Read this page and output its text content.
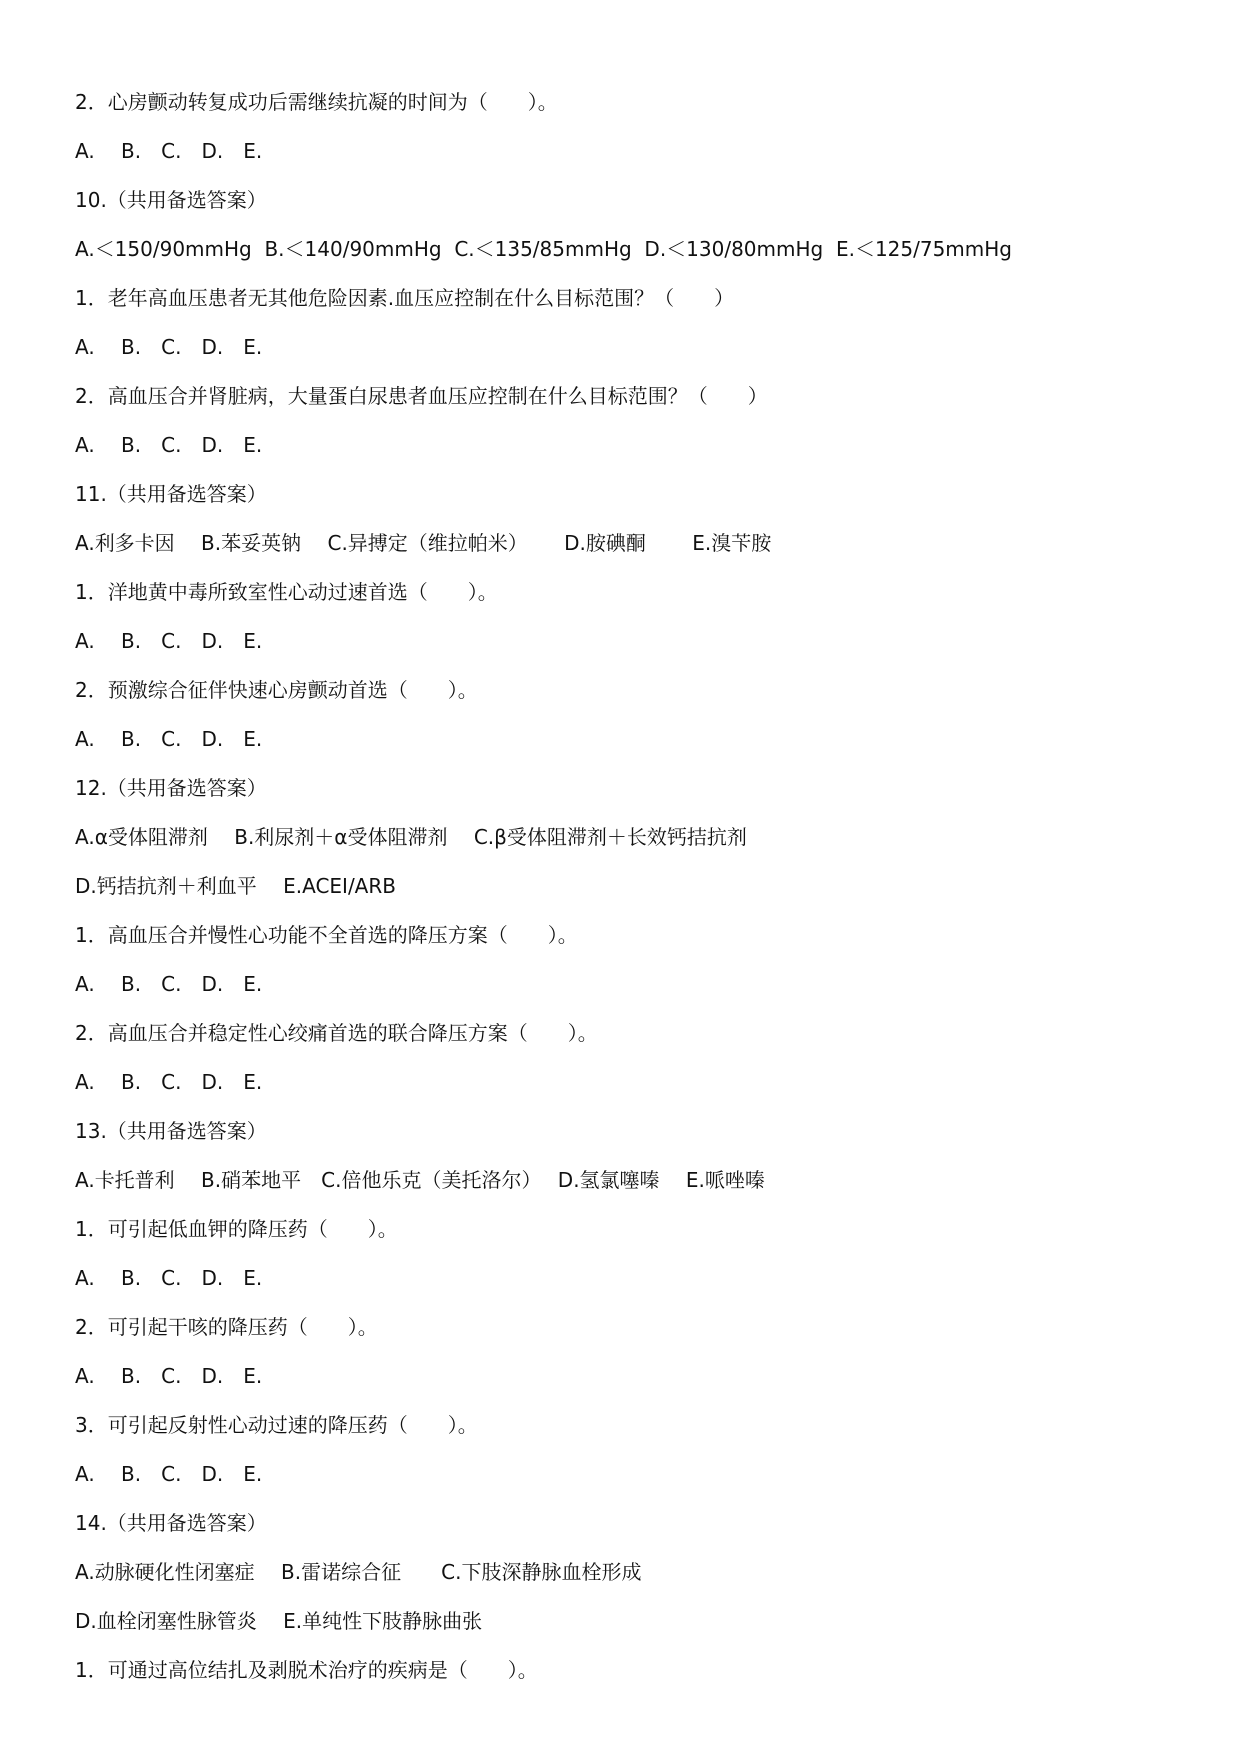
2．心房颤动转复成功后需继续抗凝的时间为（　　）。
A.　 B.　C.　D.　E.
10.（共用备选答案）
A.＜150/90mmHg  B.＜140/90mmHg  C.＜135/85mmHg  D.＜130/80mmHg  E.＜125/75mmHg
1．老年高血压患者无其他危险因素.血压应控制在什么目标范围？（　　）
A.　 B.　C.　D.　E.
2．高血压合并肾脏病，大量蛋白尿患者血压应控制在什么目标范围？（　　）
A.　 B.　C.　D.　E.
11.（共用备选答案）
A.利多卡因　 B.苯妥英钠　 C.异搏定（维拉帕米）　　 D.胺碘酮　　 E.溴苄胺
1．洋地黄中毒所致室性心动过速首选（　　）。
A.　 B.　C.　D.　E.
2．预激综合征伴快速心房颤动首选（　　）。
A.　 B.　C.　D.　E.
12.（共用备选答案）
A.α受体阻滞剂　 B.利尿剂＋α受体阻滞剂　 C.β受体阻滞剂＋长效钙拮抗剂
D.钙拮抗剂＋利血平　 E.ACEI/ARB
1．高血压合并慢性心功能不全首选的降压方案（　　）。
A.　 B.　C.　D.　E.
2．高血压合并稳定性心绞痛首选的联合降压方案（　　）。
A.　 B.　C.　D.　E.
13.（共用备选答案）
A.卡托普利　 B.硝苯地平　C.倍他乐克（美托洛尔）　 D.氢氯噻嗪　 E.哌唑嗪
1．可引起低血钾的降压药（　　）。
A.　 B.　C.　D.　E.
2．可引起干咳的降压药（　　）。
A.　 B.　C.　D.　E.
3．可引起反射性心动过速的降压药（　　）。
A.　 B.　C.　D.　E.
14.（共用备选答案）
A.动脉硬化性闭塞症　 B.雷诺综合征　　C.下肢深静脉血栓形成
D.血栓闭塞性脉管炎　 E.单纯性下肢静脉曲张
1．可通过高位结扎及剥脱术治疗的疾病是（　　）。
